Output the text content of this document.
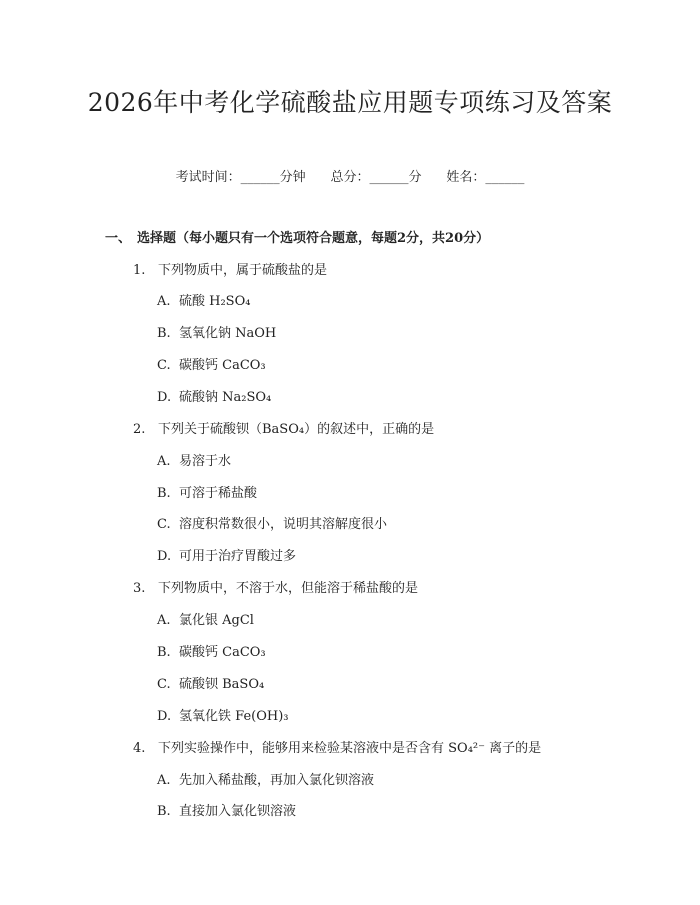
2026年中考化学硫酸盐应用题专项练习及答案
考试时间：______分钟 总分：______分 姓名：______
一、 选择题（每小题只有一个选项符合题意，每题2分，共20分）
1. 下列物质中，属于硫酸盐的是
A. 硫酸 H₂SO₄
B. 氢氧化钠 NaOH
C. 碳酸钙 CaCO₃
D. 硫酸钠 Na₂SO₄
2. 下列关于硫酸钡（BaSO₄）的叙述中，正确的是
A. 易溶于水
B. 可溶于稀盐酸
C. 溶度积常数很小，说明其溶解度很小
D. 可用于治疗胃酸过多
3. 下列物质中，不溶于水，但能溶于稀盐酸的是
A. 氯化银 AgCl
B. 碳酸钙 CaCO₃
C. 硫酸钡 BaSO₄
D. 氢氧化铁 Fe(OH)₃
4. 下列实验操作中，能够用来检验某溶液中是否含有 SO₄²⁻ 离子的是
A. 先加入稀盐酸，再加入氯化钡溶液
B. 直接加入氯化钡溶液
